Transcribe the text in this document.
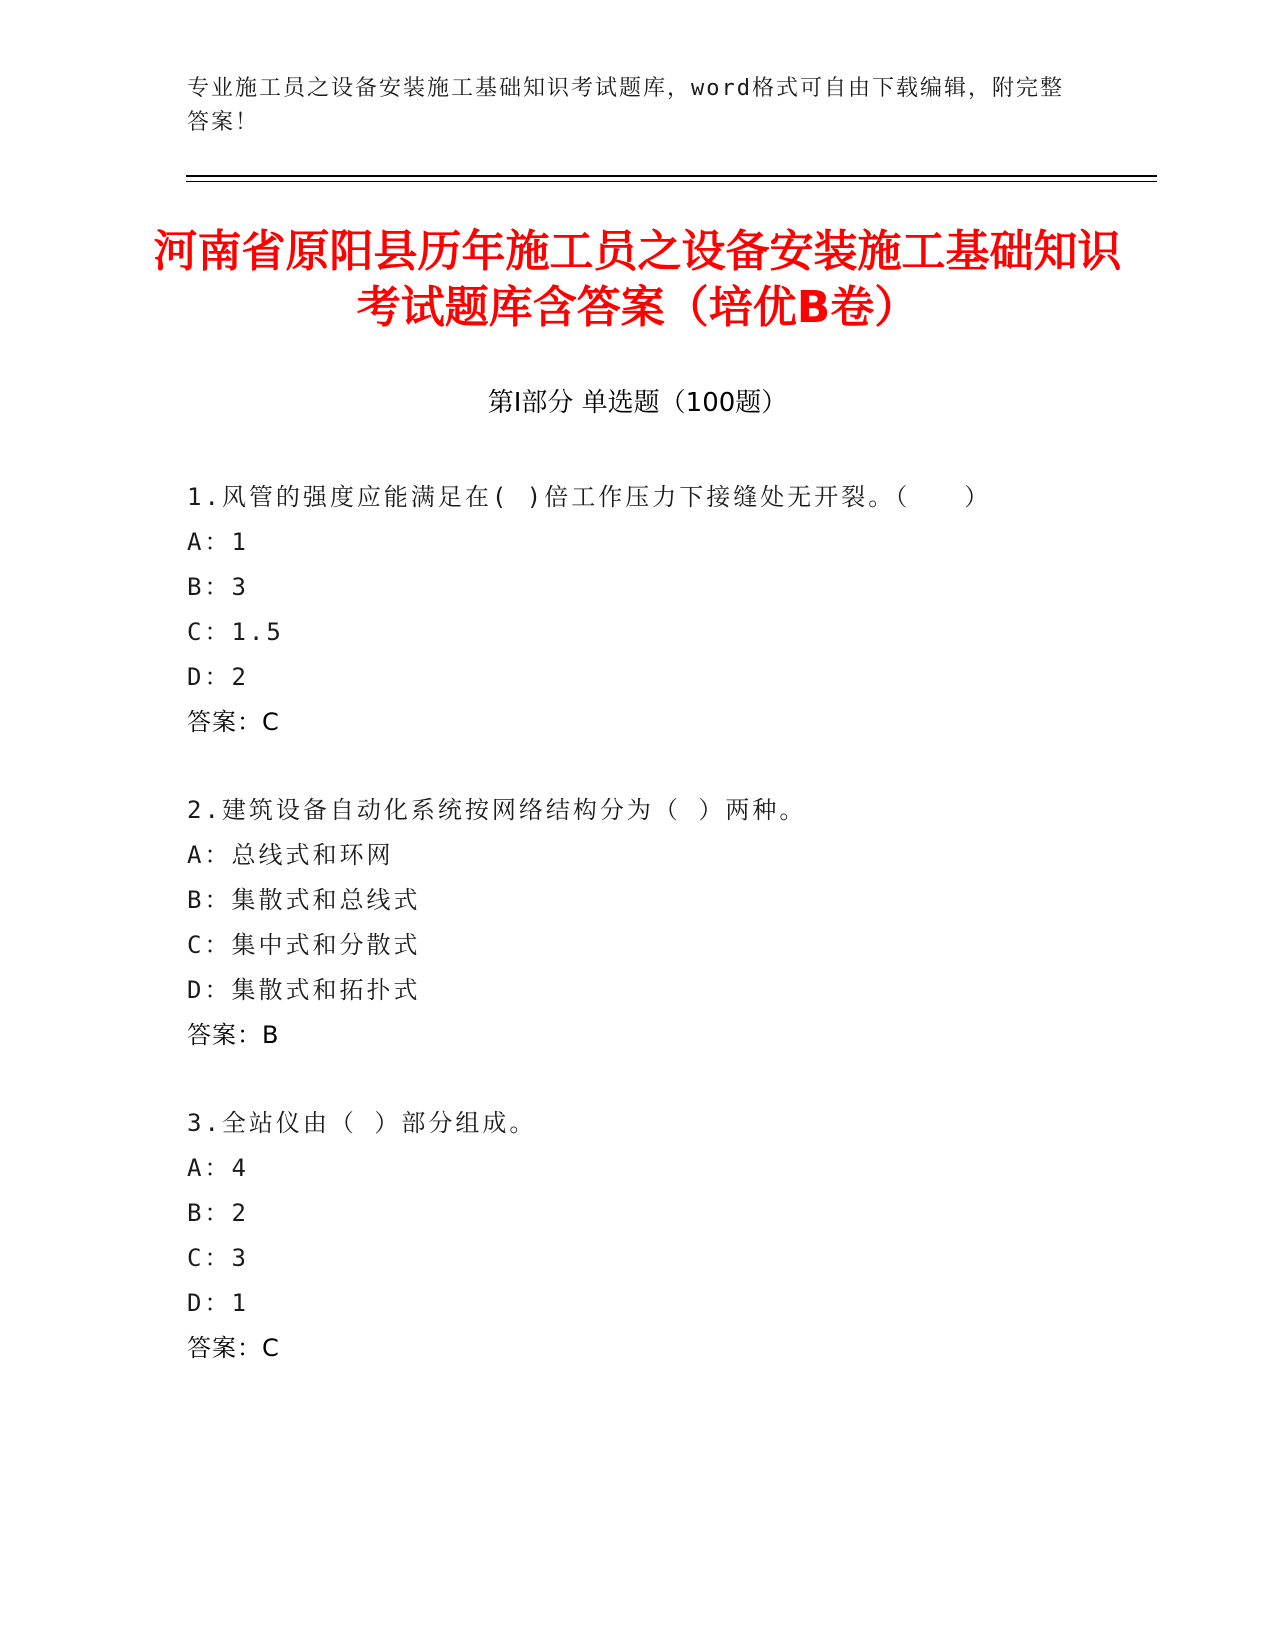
专业施工员之设备安装施工基础知识考试题库，word格式可自由下载编辑，附完整答案！
河南省原阳县历年施工员之设备安装施工基础知识考试题库含答案（培优B卷）
第I部分 单选题（100题）
1.风管的强度应能满足在( )倍工作压力下接缝处无开裂。（　　）
A：1
B：3
C：1.5
D：2
答案：C
2.建筑设备自动化系统按网络结构分为（ ）两种。
A：总线式和环网
B：集散式和总线式
C：集中式和分散式
D：集散式和拓扑式
答案：B
3.全站仪由（ ）部分组成。
A：4
B：2
C：3
D：1
答案：C
